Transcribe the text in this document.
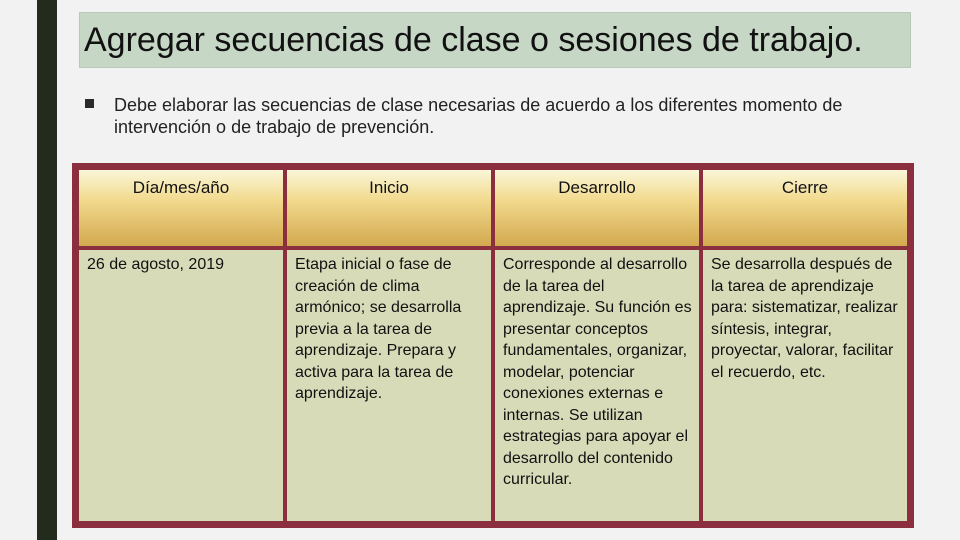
Agregar secuencias de clase o sesiones de trabajo.
Debe elaborar las secuencias de clase necesarias de acuerdo a los diferentes momento de intervención o de trabajo de prevención.
Día/mes/año	Inicio	Desarrollo	Cierre
26 de agosto, 2019	Etapa inicial o fase de creación de clima armónico; se desarrolla previa a la tarea de aprendizaje. Prepara y activa para la tarea de aprendizaje.	Corresponde al desarrollo de la tarea del aprendizaje. Su función es presentar conceptos fundamentales, organizar, modelar, potenciar conexiones externas e internas. Se utilizan estrategias para apoyar el desarrollo del contenido curricular.	Se desarrolla después de la tarea de aprendizaje para: sistematizar, realizar síntesis, integrar, proyectar, valorar, facilitar el recuerdo, etc.
